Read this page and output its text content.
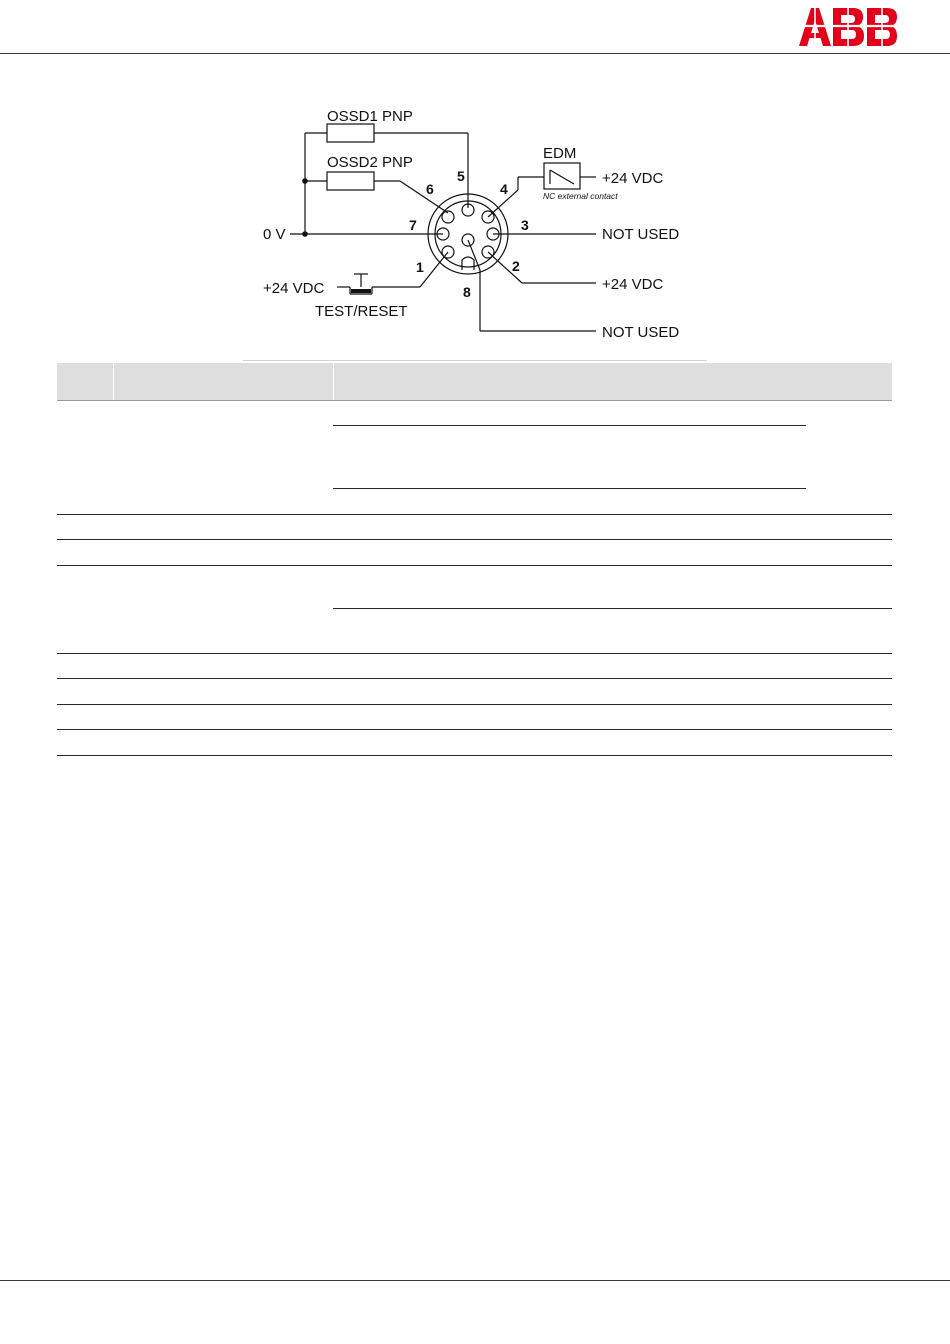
OSSD1 PNP
OSSD2 PNP
EDM
NC external contact
+24 VDC
0 V
+24 VDC
TEST/RESET
NOT USED
+24 VDC
NOT USED
1	2
3
4
5
6
7
8
